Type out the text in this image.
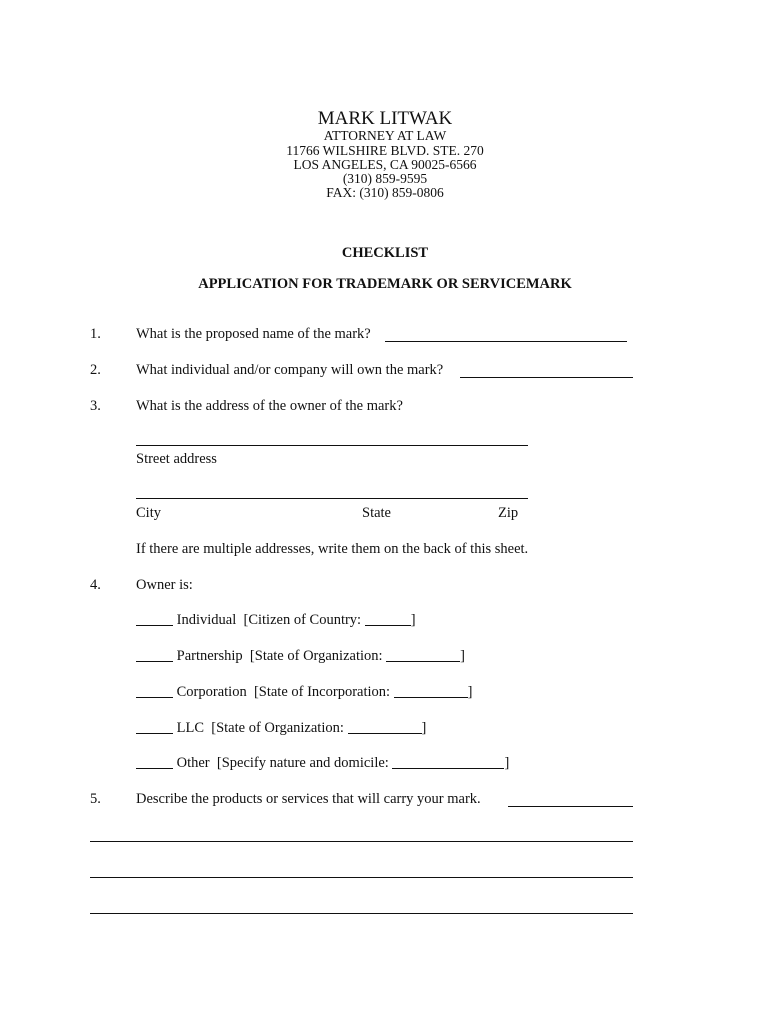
MARK LITWAK
ATTORNEY AT LAW
11766 WILSHIRE BLVD. STE. 270
LOS ANGELES, CA 90025-6566
(310) 859-9595
FAX: (310) 859-0806
CHECKLIST
APPLICATION FOR TRADEMARK OR SERVICEMARK
1. What is the proposed name of the mark?
2. What individual and/or company will own the mark?
3. What is the address of the owner of the mark?
Street address
City	State	Zip
If there are multiple addresses, write them on the back of this sheet.
4. Owner is:
Individual [Citizen of Country:	]
Partnership [State of Organization:	]
Corporation [State of Incorporation:	]
LLC [State of Organization:	]
Other [Specify nature and domicile:	]
5. Describe the products or services that will carry your mark.
